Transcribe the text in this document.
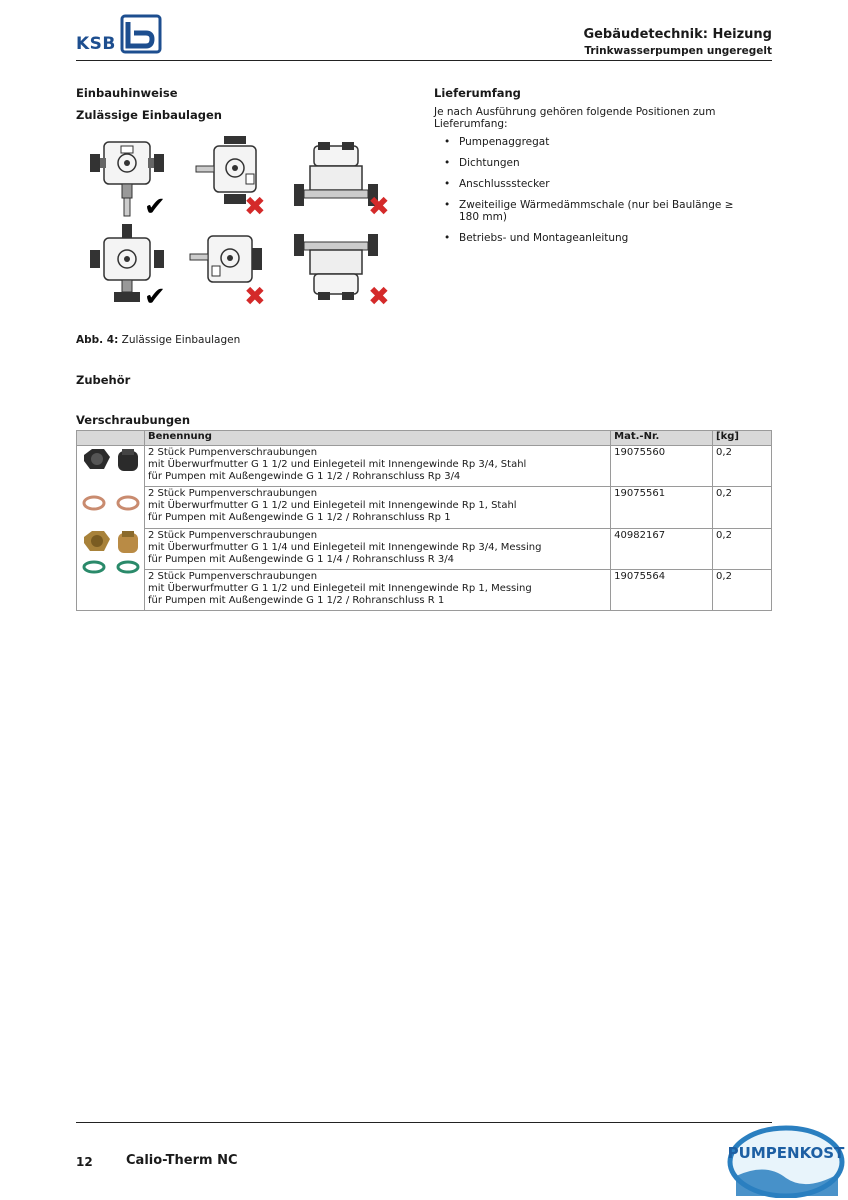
KSB	Gebäudetechnik: Heizung
Trinkwasserpumpen ungeregelt
Einbauhinweise
Zulässige Einbaulagen
✔	✖	✖
✔	✖	✖
Abb. 4: Zulässige Einbaulagen
Lieferumfang
Je nach Ausführung gehören folgende Positionen zum Lieferumfang:
• Pumpenaggregat
• Dichtungen
• Anschlussstecker
• Zweiteilige Wärmedämmschale (nur bei Baulänge ≥ 180 mm)
• Betriebs- und Montageanleitung
Zubehör
Verschraubungen
	Benennung	Mat.-Nr.	[kg]

2 Stück Pumpenverschraubungen
mit Überwurfmutter G 1 1/2 und Einlegeteil mit Innengewinde Rp 3/4, Stahl
für Pumpen mit Außengewinde G 1 1/2 / Rohranschluss Rp 3/4	19075560	0,2

	2 Stück Pumpenverschraubungen
mit Überwurfmutter G 1 1/2 und Einlegeteil mit Innengewinde Rp 1, Stahl
für Pumpen mit Außengewinde G 1 1/2 / Rohranschluss Rp 1	19075561	0,2

2 Stück Pumpenverschraubungen
mit Überwurfmutter G 1 1/4 und Einlegeteil mit Innengewinde Rp 3/4, Messing
für Pumpen mit Außengewinde G 1 1/4 / Rohranschluss R 3/4	40982167	0,2

	2 Stück Pumpenverschraubungen
mit Überwurfmutter G 1 1/2 und Einlegeteil mit Innengewinde Rp 1, Messing
für Pumpen mit Außengewinde G 1 1/2 / Rohranschluss R 1	19075564	0,2
12	Calio-Therm NC	PUMPENKOST
